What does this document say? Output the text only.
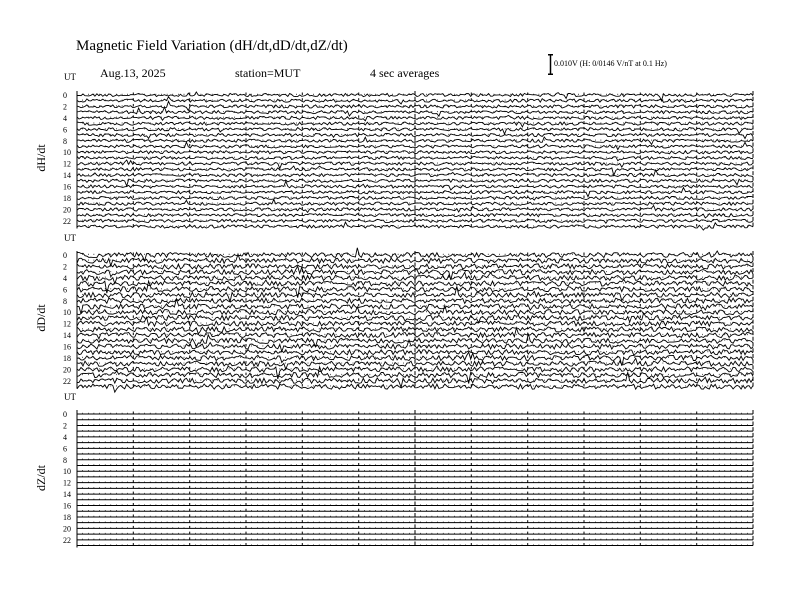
Magnetic Field Variation (dH/dt,dD/dt,dZ/dt)
Aug.13, 2025	station=MUT	4 sec averages
0.010V (H: 0/0146 V/nT at 0.1 Hz)
UT
dH/dt
0
2
4
6
8
10
12
14
16
18
20
22
UT
dD/dt
0
2
4
6
8
10
12
14
16
18
20
22
UT
dZ/dt
0
2
4
6
8
10
12
14
16
18
20
22
